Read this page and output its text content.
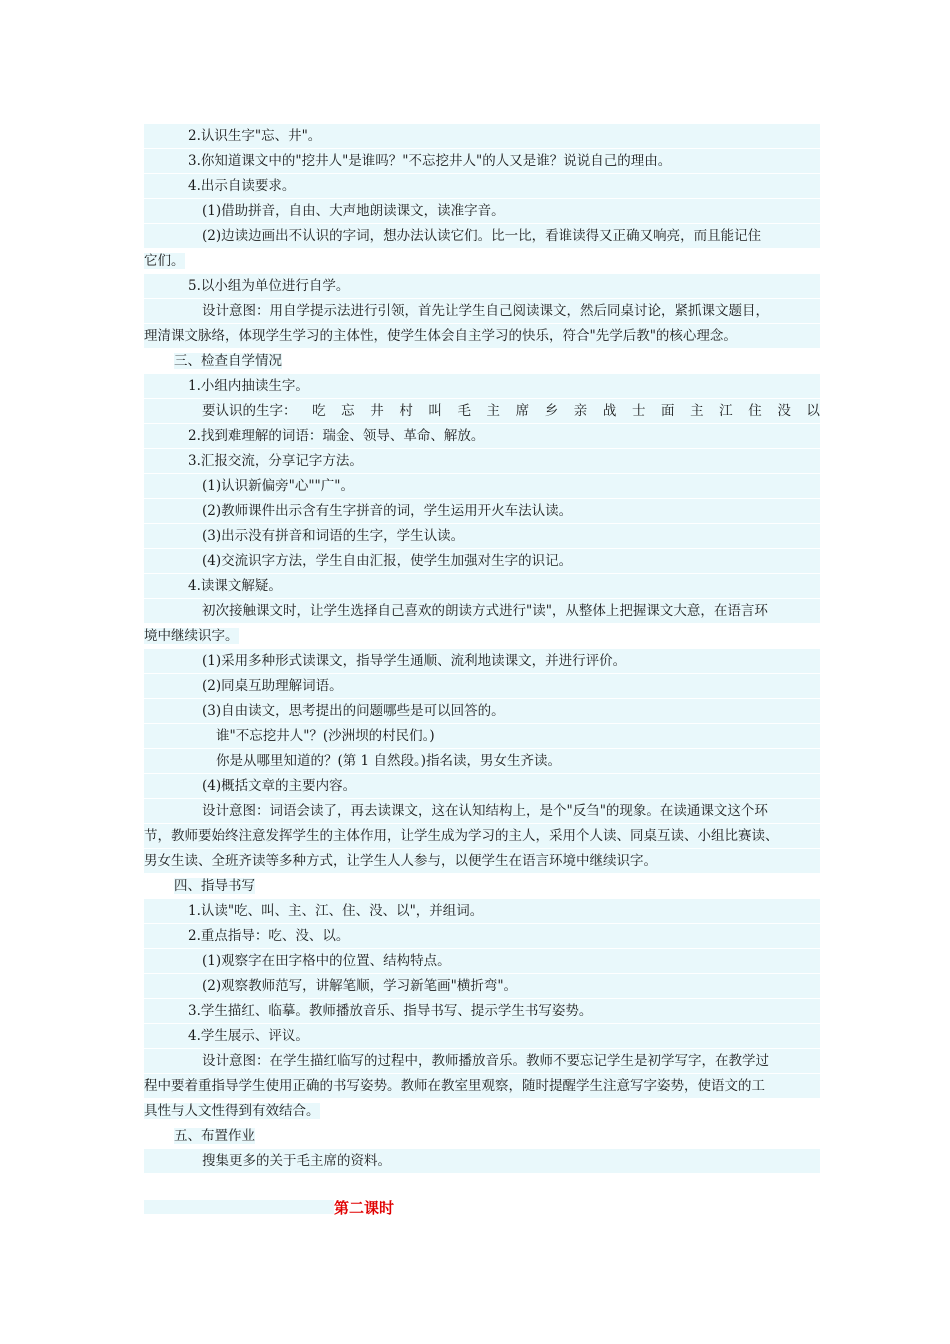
2.认识生字"忘、井"。
3.你知道课文中的"挖井人"是谁吗？"不忘挖井人"的人又是谁？说说自己的理由。
4.出示自读要求。
(1)借助拼音，自由、大声地朗读课文，读准字音。
(2)边读边画出不认识的字词，想办法认读它们。比一比，看谁读得又正确又响亮，而且能记住
它们。
5.以小组为单位进行自学。
设计意图：用自学提示法进行引领，首先让学生自己阅读课文，然后同桌讨论，紧抓课文题目，
理清课文脉络，体现学生学习的主体性，使学生体会自主学习的快乐，符合"先学后教"的核心理念。
三、检查自学情况
1.小组内抽读生字。
要认识的生字： 吃 忘 井 村 叫 毛 主 席 乡 亲 战 士 面 主 江 住 没 以
2.找到难理解的词语：瑞金、领导、革命、解放。
3.汇报交流，分享记字方法。
(1)认识新偏旁"心""广"。
(2)教师课件出示含有生字拼音的词，学生运用开火车法认读。
(3)出示没有拼音和词语的生字，学生认读。
(4)交流识字方法，学生自由汇报，使学生加强对生字的识记。
4.读课文解疑。
初次接触课文时，让学生选择自己喜欢的朗读方式进行"读"，从整体上把握课文大意，在语言环
境中继续识字。
(1)采用多种形式读课文，指导学生通顺、流利地读课文，并进行评价。
(2)同桌互助理解词语。
(3)自由读文，思考提出的问题哪些是可以回答的。
谁"不忘挖井人"？(沙洲坝的村民们。)
你是从哪里知道的？(第 1 自然段。)指名读，男女生齐读。
(4)概括文章的主要内容。
设计意图：词语会读了，再去读课文，这在认知结构上，是个"反刍"的现象。在读通课文这个环
节，教师要始终注意发挥学生的主体作用，让学生成为学习的主人，采用个人读、同桌互读、小组比赛读、
男女生读、全班齐读等多种方式，让学生人人参与，以便学生在语言环境中继续识字。
四、指导书写
1.认读"吃、叫、主、江、住、没、以"，并组词。
2.重点指导：吃、没、以。
(1)观察字在田字格中的位置、结构特点。
(2)观察教师范写，讲解笔顺，学习新笔画"横折弯"。
3.学生描红、临摹。教师播放音乐、指导书写、提示学生书写姿势。
4.学生展示、评议。
设计意图：在学生描红临写的过程中，教师播放音乐。教师不要忘记学生是初学写字，在教学过
程中要着重指导学生使用正确的书写姿势。教师在教室里观察，随时提醒学生注意写字姿势，使语文的工
具性与人文性得到有效结合。
五、布置作业
搜集更多的关于毛主席的资料。
第二课时
